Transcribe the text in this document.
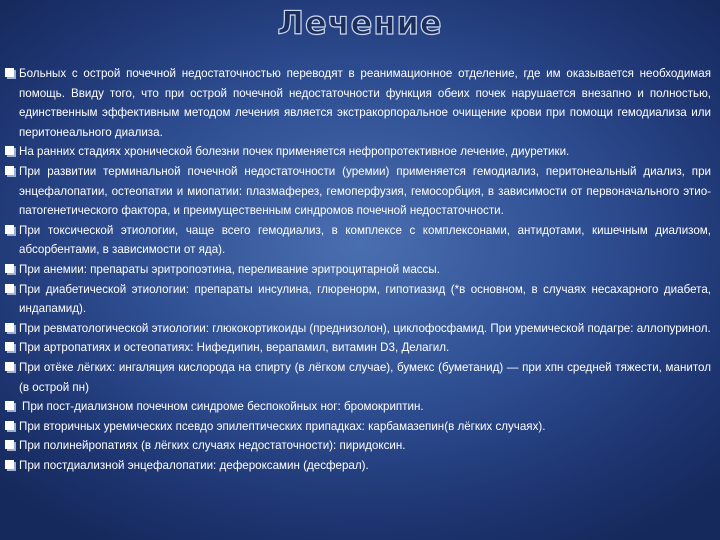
Лечение
Больных с острой почечной недостаточностью переводят в реанимационное отделение, где им оказывается необходимая помощь. Ввиду того, что при острой почечной недостаточности функция обеих почек нарушается внезапно и полностью, единственным эффективным методом лечения является экстракорпоральное очищение крови при помощи гемодиализа или перитонеального диализа.
На ранних стадиях хронической болезни почек применяется нефропротективное лечение, диуретики.
При развитии терминальной почечной недостаточности (уремии) применяется гемодиализ, перитонеальный диализ, при энцефалопатии, остеопатии и миопатии: плазмаферез, гемоперфузия, гемосорбция, в зависимости от первоначального этио-патогенетического фактора, и преимущественным синдромов почечной недостаточности.
При токсической этиологии, чаще всего гемодиализ, в комплексе с комплексонами, антидотами, кишечным диализом, абсорбентами, в зависимости от яда).
При анемии: препараты эритропоэтина, переливание эритроцитарной массы.
При диабетической этиологии: препараты инсулина, глюренорм, гипотиазид (*в основном, в случаях несахарного диабета, индапамид).
При ревматологической этиологии: глюкокортикоиды (преднизолон), циклофосфамид. При уремической подагре: аллопуринол.
При артропатиях и остеопатиях: Нифедипин, верапамил, витамин D3, Делагил.
При отёке лёгких: ингаляция кислорода на спирту (в лёгком случае), бумекс (буметанид) — при хпн средней тяжести, манитол (в острой пн)
При пост-диализном почечном синдроме беспокойных ног: бромокриптин.
При вторичных уремических псевдо эпилептических припадках: карбамазепин(в лёгких случаях).
При полинейропатиях (в лёгких случаях недостаточности): пиридоксин.
При постдиализной энцефалопатии: дефероксамин (десферал).
